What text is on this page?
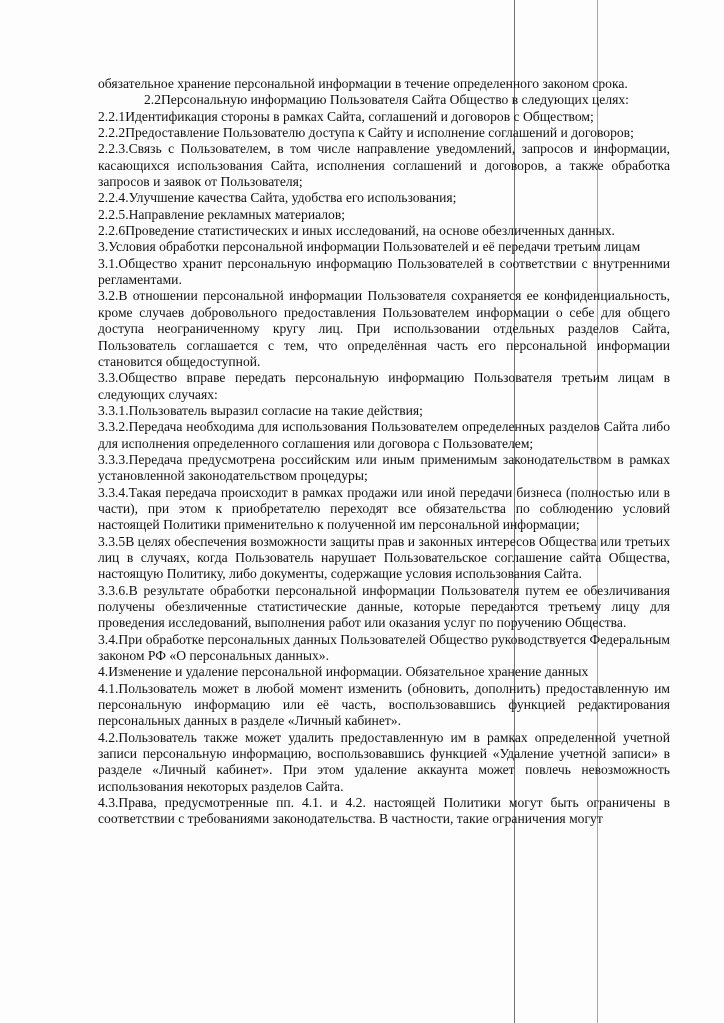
обязательное хранение персональной информации в течение определенного законом срока.

2.2Персональную информацию Пользователя Сайта Общество в следующих целях:

2.2.1Идентификация стороны в рамках Сайта, соглашений и договоров с Обществом;

2.2.2Предоставление Пользователю доступа к Сайту и исполнение соглашений и договоров;

2.2.3.Связь с Пользователем, в том числе направление уведомлений, запросов и информации, касающихся использования Сайта, исполнения соглашений и договоров, а также обработка запросов и заявок от Пользователя;

2.2.4.Улучшение качества Сайта, удобства его использования;

2.2.5.Направление рекламных материалов;

2.2.6Проведение статистических и иных исследований, на основе обезличенных данных.

3.Условия обработки персональной информации Пользователей и её передачи третьим лицам

3.1.Общество хранит персональную информацию Пользователей в соответствии с внутренними регламентами.

3.2.В отношении персональной информации Пользователя сохраняется ее конфиденциальность, кроме случаев добровольного предоставления Пользователем информации о себе для общего доступа неограниченному кругу лиц. При использовании отдельных разделов Сайта, Пользователь соглашается с тем, что определённая часть его персональной информации становится общедоступной.

3.3.Общество вправе передать персональную информацию Пользователя третьим лицам в следующих случаях:

3.3.1.Пользователь выразил согласие на такие действия;

3.3.2.Передача необходима для использования Пользователем определенных разделов Сайта либо для исполнения определенного соглашения или договора с Пользователем;

3.3.3.Передача предусмотрена российским или иным применимым законодательством в рамках установленной законодательством процедуры;

3.3.4.Такая передача происходит в рамках продажи или иной передачи бизнеса (полностью или в части), при этом к приобретателю переходят все обязательства по соблюдению условий настоящей Политики применительно к полученной им персональной информации;

3.3.5В целях обеспечения возможности защиты прав и законных интересов Общества или третьих лиц в случаях, когда Пользователь нарушает Пользовательское соглашение сайта Общества, настоящую Политику, либо документы, содержащие условия использования Сайта.

3.3.6.В результате обработки персональной информации Пользователя путем ее обезличивания получены обезличенные статистические данные, которые передаются третьему лицу для проведения исследований, выполнения работ или оказания услуг по поручению Общества.

3.4.При обработке персональных данных Пользователей Общество руководствуется Федеральным законом РФ «О персональных данных».

4.Изменение и удаление персональной информации. Обязательное хранение данных

4.1.Пользователь может в любой момент изменить (обновить, дополнить) предоставленную им персональную информацию или её часть, воспользовавшись функцией редактирования персональных данных в разделе «Личный кабинет».

4.2.Пользователь также может удалить предоставленную им в рамках определенной учетной записи персональную информацию, воспользовавшись функцией «Удаление учетной записи» в разделе «Личный кабинет». При этом удаление аккаунта может повлечь невозможность использования некоторых разделов Сайта.

4.3.Права, предусмотренные пп. 4.1. и 4.2. настоящей Политики могут быть ограничены в соответствии с требованиями законодательства. В частности, такие ограничения могут
